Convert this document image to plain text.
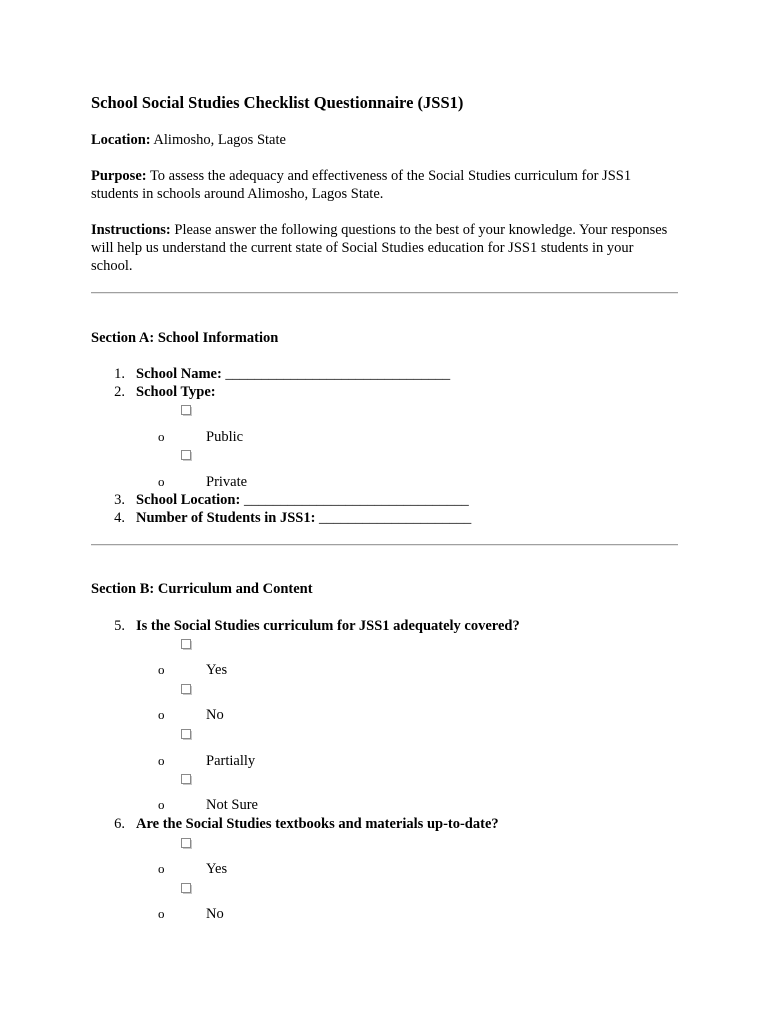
School Social Studies Checklist Questionnaire (JSS1)
Location: Alimosho, Lagos State
Purpose: To assess the adequacy and effectiveness of the Social Studies curriculum for JSS1 students in schools around Alimosho, Lagos State.
Instructions: Please answer the following questions to the best of your knowledge. Your responses will help us understand the current state of Social Studies education for JSS1 students in your school.
Section A: School Information
1. School Name: _______________________________
2. School Type:
o	Public
o	Private
3. School Location: _______________________________
4. Number of Students in JSS1: _____________________
Section B: Curriculum and Content
5. Is the Social Studies curriculum for JSS1 adequately covered?
o	Yes
o	No
o	Partially
o	Not Sure
6. Are the Social Studies textbooks and materials up-to-date?
o	Yes
o	No
